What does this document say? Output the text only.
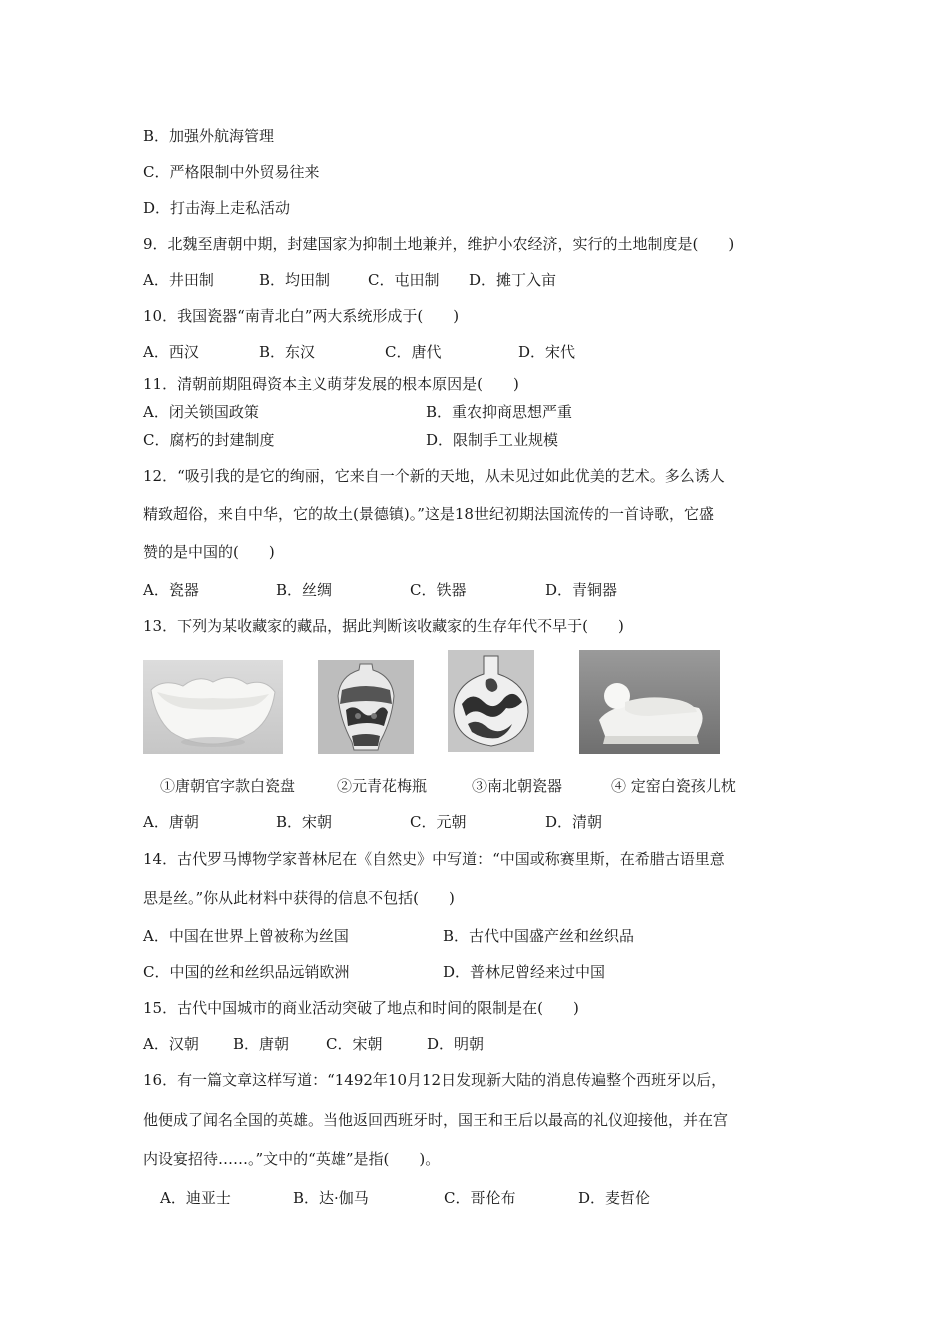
B．加强外航海管理
C．严格限制中外贸易往来
D．打击海上走私活动
9．北魏至唐朝中期，封建国家为抑制土地兼并，维护小农经济，实行的土地制度是(　　)
A．井田制	B．均田制	C．屯田制 D．摊丁入亩
10．我国瓷器“南青北白”两大系统形成于(　　)
A．西汉	B．东汉	C．唐代	D．宋代
11．清朝前期阻碍资本主义萌芽发展的根本原因是(　　)
A．闭关锁国政策	B．重农抑商思想严重
C．腐朽的封建制度	D．限制手工业规模
12．“吸引我的是它的绚丽，它来自一个新的天地，从未见过如此优美的艺术。多么诱人
精致超俗，来自中华，它的故土(景德镇)。”这是18世纪初期法国流传的一首诗歌，它盛
赞的是中国的(　　)
A．瓷器	B．丝绸	C．铁器	D．青铜器
13．下列为某收藏家的藏品，据此判断该收藏家的生存年代不早于(　　)
①唐朝官字款白瓷盘	②元青花梅瓶	③南北朝瓷器	④ 定窑白瓷孩儿枕
A．唐朝	B．宋朝	C．元朝	D．清朝
14．古代罗马博物学家普林尼在《自然史》中写道：“中国或称赛里斯，在希腊古语里意
思是丝。”你从此材料中获得的信息不包括(　　)
A．中国在世界上曾被称为丝国	B．古代中国盛产丝和丝织品
C．中国的丝和丝织品远销欧洲	D．普林尼曾经来过中国
15．古代中国城市的商业活动突破了地点和时间的限制是在(　　)
A．汉朝 B．唐朝 C．宋朝	D．明朝
16．有一篇文章这样写道：“1492年10月12日发现新大陆的消息传遍整个西班牙以后，
他便成了闻名全国的英雄。当他返回西班牙时，国王和王后以最高的礼仪迎接他，并在宫
内设宴招待……。”文中的“英雄”是指(　　)。
A．迪亚士	B．达·伽马	C．哥伦布	D．麦哲伦
